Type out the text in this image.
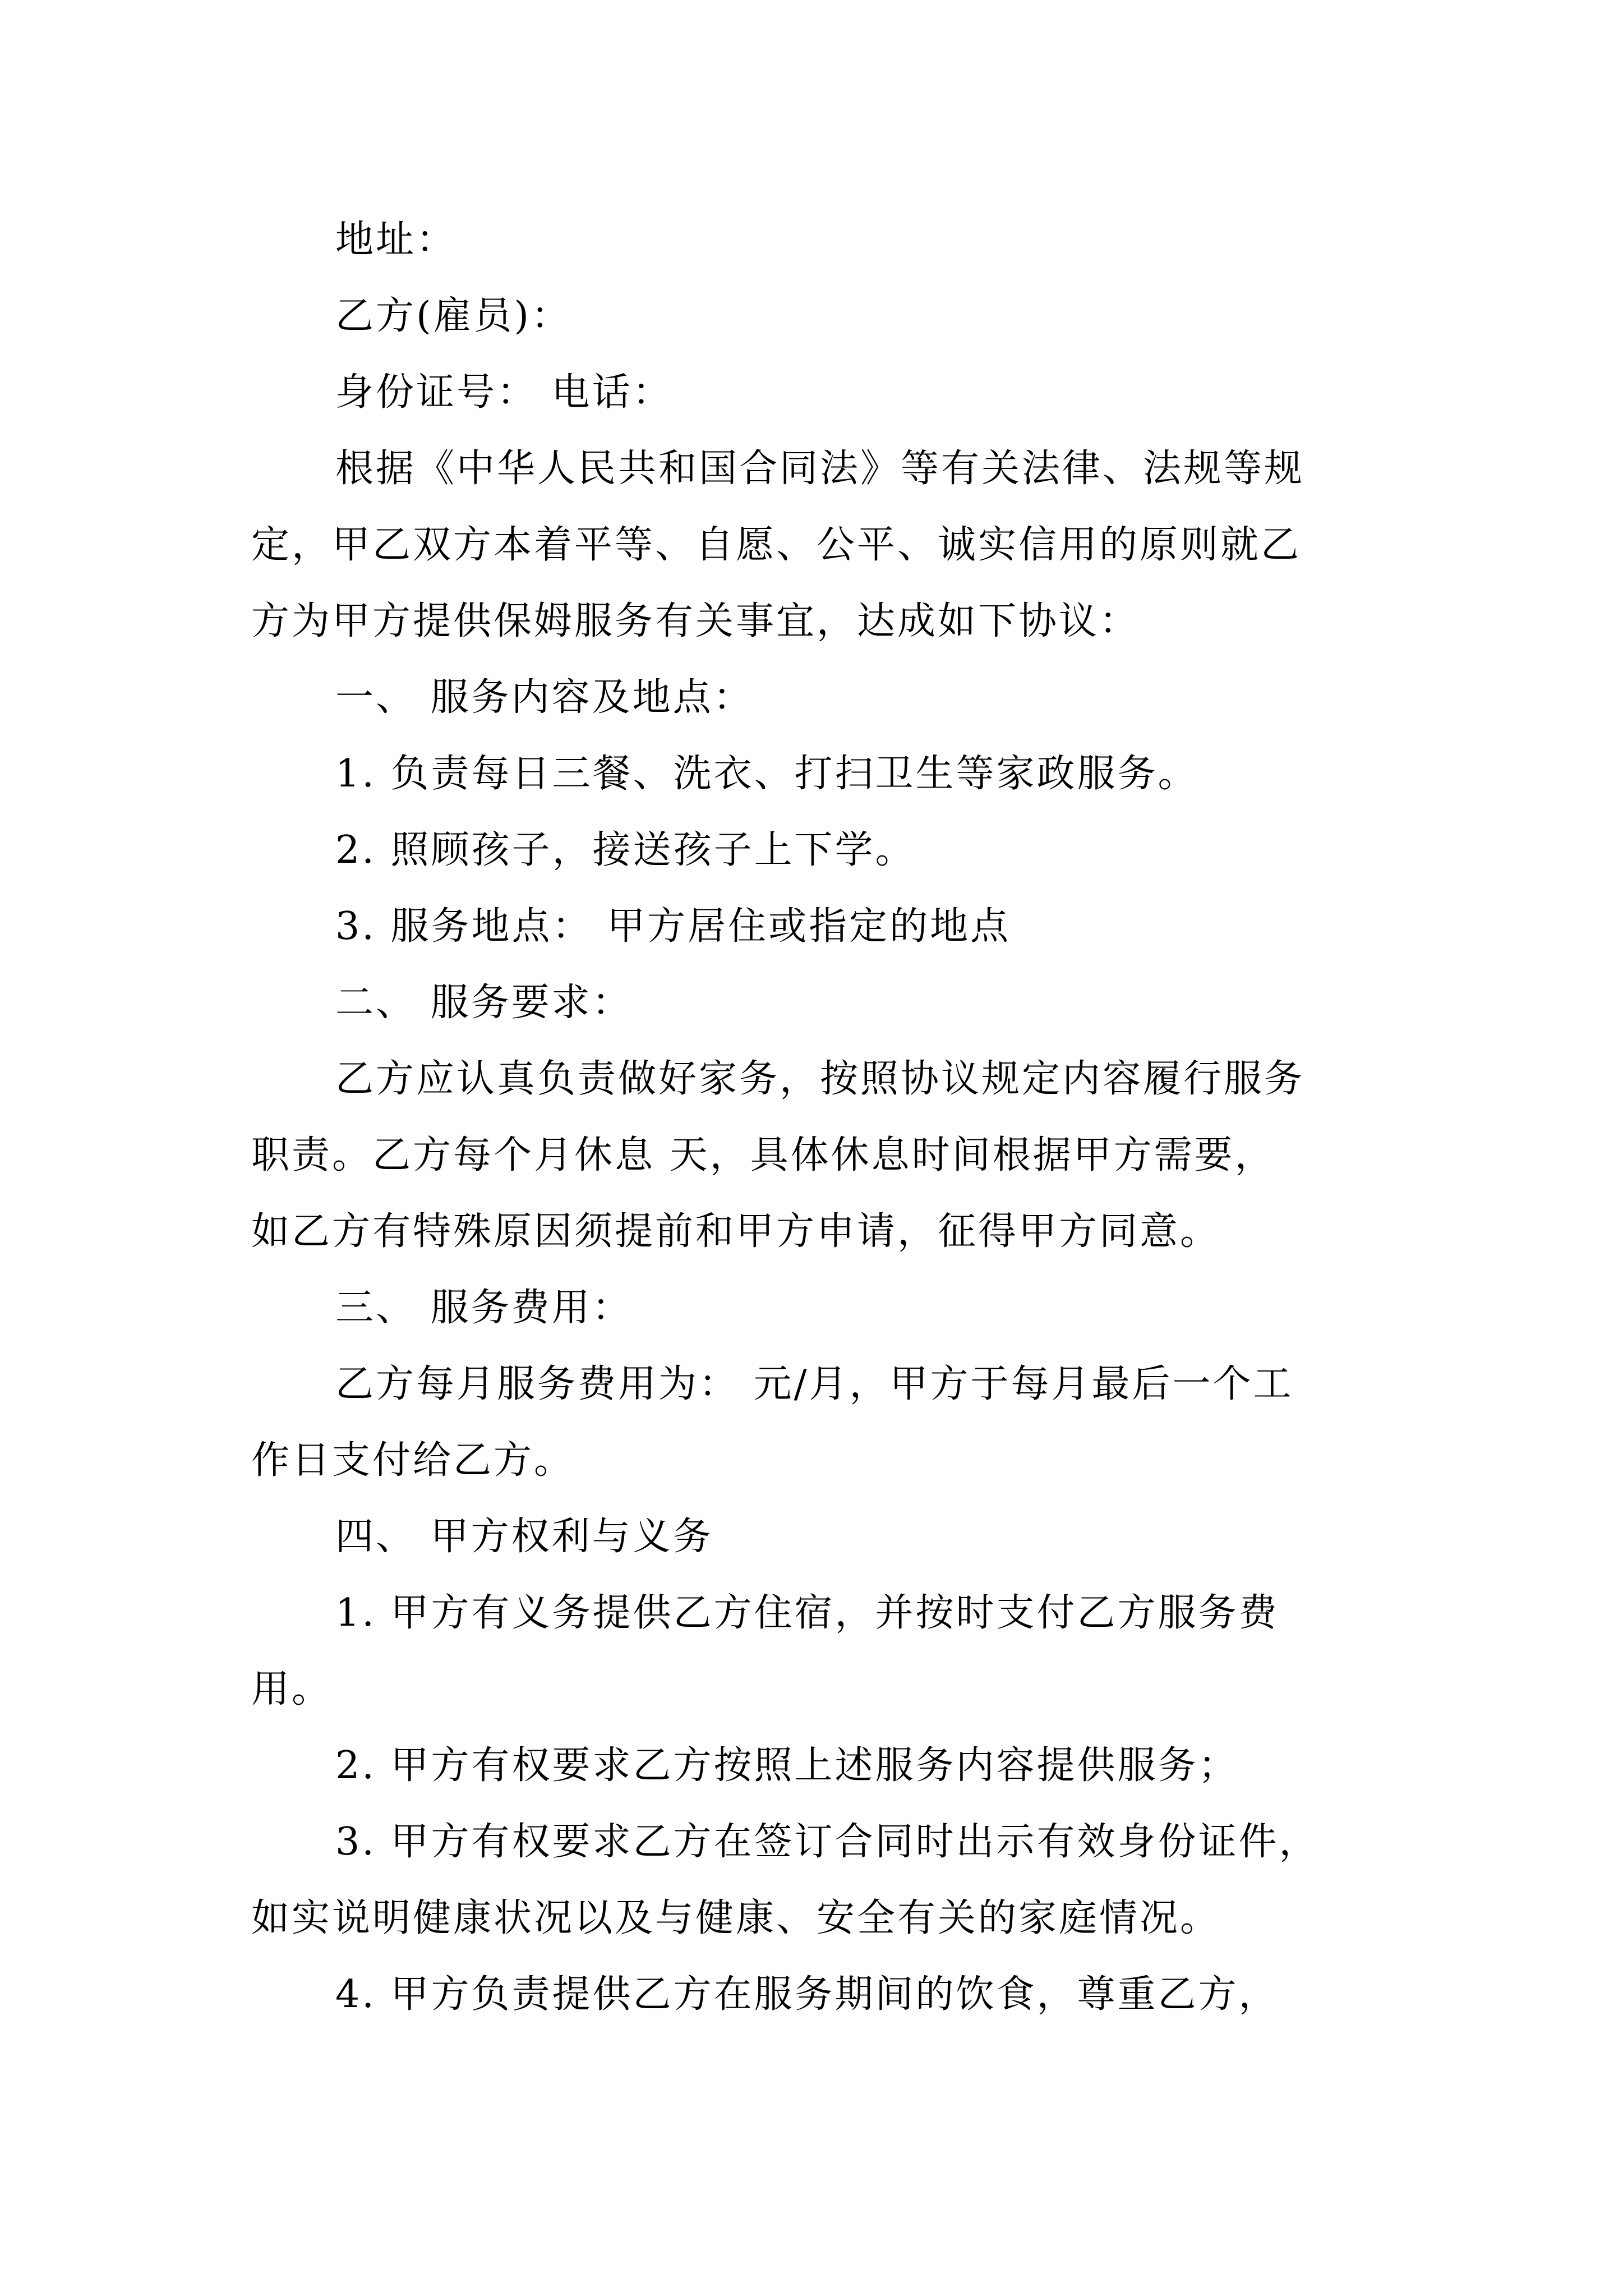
地址：
乙方(雇员)：
身份证号： 电话：
根据《中华人民共和国合同法》等有关法律、法规等规
定，甲乙双方本着平等、自愿、公平、诚实信用的原则就乙
方为甲方提供保姆服务有关事宜，达成如下协议：
一、 服务内容及地点：
1. 负责每日三餐、洗衣、打扫卫生等家政服务。
2. 照顾孩子，接送孩子上下学。
3. 服务地点： 甲方居住或指定的地点
二、 服务要求：
乙方应认真负责做好家务，按照协议规定内容履行服务
职责。乙方每个月休息 天，具体休息时间根据甲方需要，
如乙方有特殊原因须提前和甲方申请，征得甲方同意。
三、 服务费用：
乙方每月服务费用为： 元/月，甲方于每月最后一个工
作日支付给乙方。
四、 甲方权利与义务
1. 甲方有义务提供乙方住宿，并按时支付乙方服务费
用。
2. 甲方有权要求乙方按照上述服务内容提供服务；
3. 甲方有权要求乙方在签订合同时出示有效身份证件，
如实说明健康状况以及与健康、安全有关的家庭情况。
4. 甲方负责提供乙方在服务期间的饮食，尊重乙方，
